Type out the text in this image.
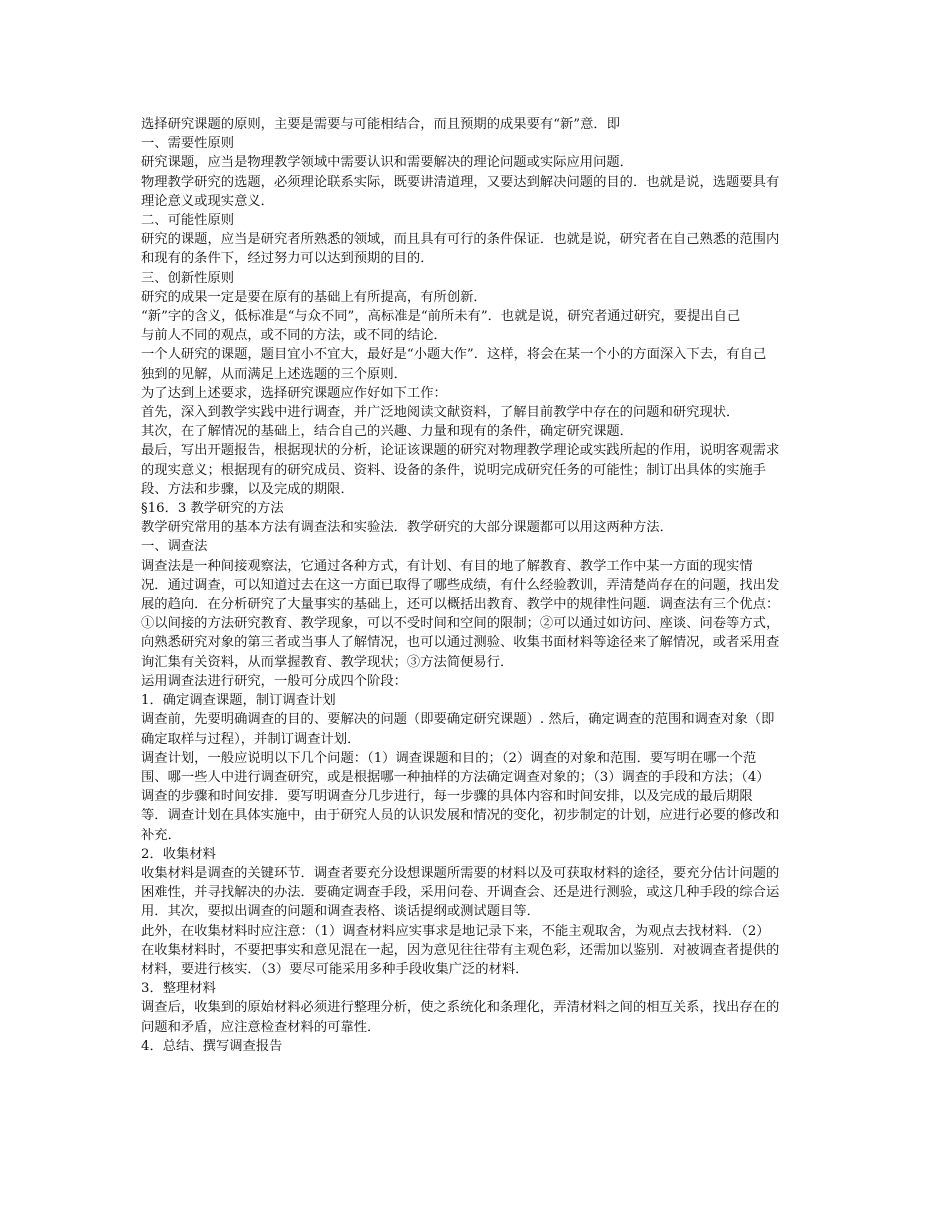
选择研究课题的原则，主要是需要与可能相结合，而且预期的成果要有“新”意．即
一、需要性原则
研究课题，应当是物理教学领域中需要认识和需要解决的理论问题或实际应用问题．
物理教学研究的选题，必须理论联系实际，既要讲清道理，又要达到解决问题的目的．也就是说，选题要具有
理论意义或现实意义．
二、可能性原则
研究的课题，应当是研究者所熟悉的领域，而且具有可行的条件保证．也就是说，研究者在自己熟悉的范围内
和现有的条件下，经过努力可以达到预期的目的．
三、创新性原则
研究的成果一定是要在原有的基础上有所提高，有所创新．
“新”字的含义，低标准是“与众不同”，高标准是“前所未有”．也就是说，研究者通过研究，要提出自己
与前人不同的观点，或不同的方法，或不同的结论．
一个人研究的课题，题目宜小不宜大，最好是“小题大作”．这样，将会在某一个小的方面深入下去，有自己
独到的见解，从而满足上述选题的三个原则．
为了达到上述要求，选择研究课题应作好如下工作：
首先，深入到教学实践中进行调查，并广泛地阅读文献资料，了解目前教学中存在的问题和研究现状．
其次，在了解情况的基础上，结合自己的兴趣、力量和现有的条件，确定研究课题．
最后，写出开题报告，根据现状的分析，论证该课题的研究对物理教学理论或实践所起的作用，说明客观需求
的现实意义；根据现有的研究成员、资料、设备的条件，说明完成研究任务的可能性；制订出具体的实施手
段、方法和步骤，以及完成的期限．
§16．3 教学研究的方法
教学研究常用的基本方法有调查法和实验法．教学研究的大部分课题都可以用这两种方法．
一、调查法
调查法是一种间接观察法，它通过各种方式，有计划、有目的地了解教育、教学工作中某一方面的现实情
况．通过调查，可以知道过去在这一方面已取得了哪些成绩，有什么经验教训，弄清楚尚存在的问题，找出发
展的趋向．在分析研究了大量事实的基础上，还可以概括出教育、教学中的规律性问题．调查法有三个优点：
①以间接的方法研究教育、教学现象，可以不受时间和空间的限制；②可以通过如访问、座谈、问卷等方式，
向熟悉研究对象的第三者或当事人了解情况，也可以通过测验、收集书面材料等途径来了解情况，或者采用查
询汇集有关资料，从而掌握教育、教学现状；③方法简便易行．
运用调查法进行研究，一般可分成四个阶段：
1．确定调查课题，制订调查计划
调查前，先要明确调查的目的、要解决的问题（即要确定研究课题）. 然后，确定调查的范围和调查对象（即
确定取样与过程），并制订调查计划．
调查计划，一般应说明以下几个问题：（1）调查课题和目的；（2）调查的对象和范围．要写明在哪一个范
围、哪一些人中进行调查研究，或是根据哪一种抽样的方法确定调查对象的；（3）调查的手段和方法；（4）
调查的步骤和时间安排．要写明调查分几步进行，每一步骤的具体内容和时间安排，以及完成的最后期限
等．调查计划在具体实施中，由于研究人员的认识发展和情况的变化，初步制定的计划，应进行必要的修改和
补充．
2．收集材料
收集材料是调查的关键环节．调查者要充分设想课题所需要的材料以及可获取材料的途径，要充分估计问题的
困难性，并寻找解决的办法．要确定调查手段，采用问卷、开调查会、还是进行测验，或这几种手段的综合运
用．其次，要拟出调查的问题和调查表格、谈话提纲或测试题目等．
此外，在收集材料时应注意：（1）调查材料应实事求是地记录下来，不能主观取舍，为观点去找材料．（2）
在收集材料时，不要把事实和意见混在一起，因为意见往往带有主观色彩，还需加以鉴别．对被调查者提供的
材料，要进行核实．（3）要尽可能采用多种手段收集广泛的材料．
3．整理材料
调查后，收集到的原始材料必须进行整理分析，使之系统化和条理化，弄清材料之间的相互关系，找出存在的
问题和矛盾，应注意检查材料的可靠性．
4．总结、撰写调查报告
